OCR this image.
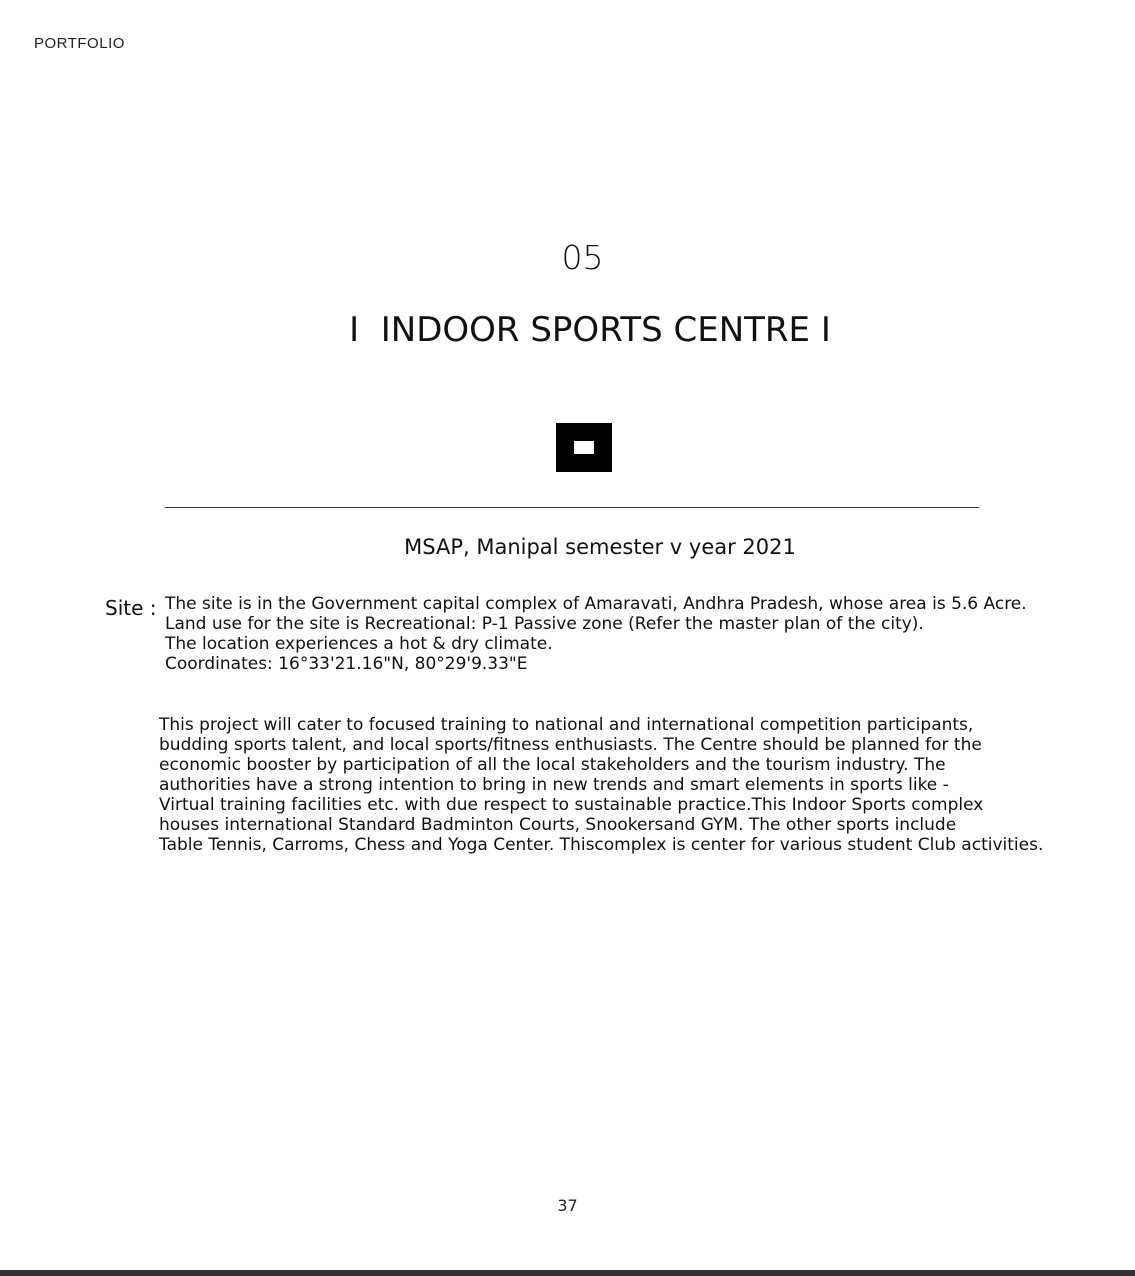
PORTFOLIO
05
I  INDOOR SPORTS CENTRE I
MSAP, Manipal semester v year 2021
Site : The site is in the Government capital complex of Amaravati, Andhra Pradesh, whose area is 5.6 Acre.
Land use for the site is Recreational: P-1 Passive zone (Refer the master plan of the city).
The location experiences a hot & dry climate.
Coordinates: 16°33'21.16"N, 80°29'9.33"E
This project will cater to focused training to national and international competition participants,
budding sports talent, and local sports/fitness enthusiasts. The Centre should be planned for the
economic booster by participation of all the local stakeholders and the tourism industry. The
authorities have a strong intention to bring in new trends and smart elements in sports like -
Virtual training facilities etc. with due respect to sustainable practice.This Indoor Sports complex
houses international Standard Badminton Courts, Snookersand GYM. The other sports include
Table Tennis, Carroms, Chess and Yoga Center. Thiscomplex is center for various student Club activities.
37
